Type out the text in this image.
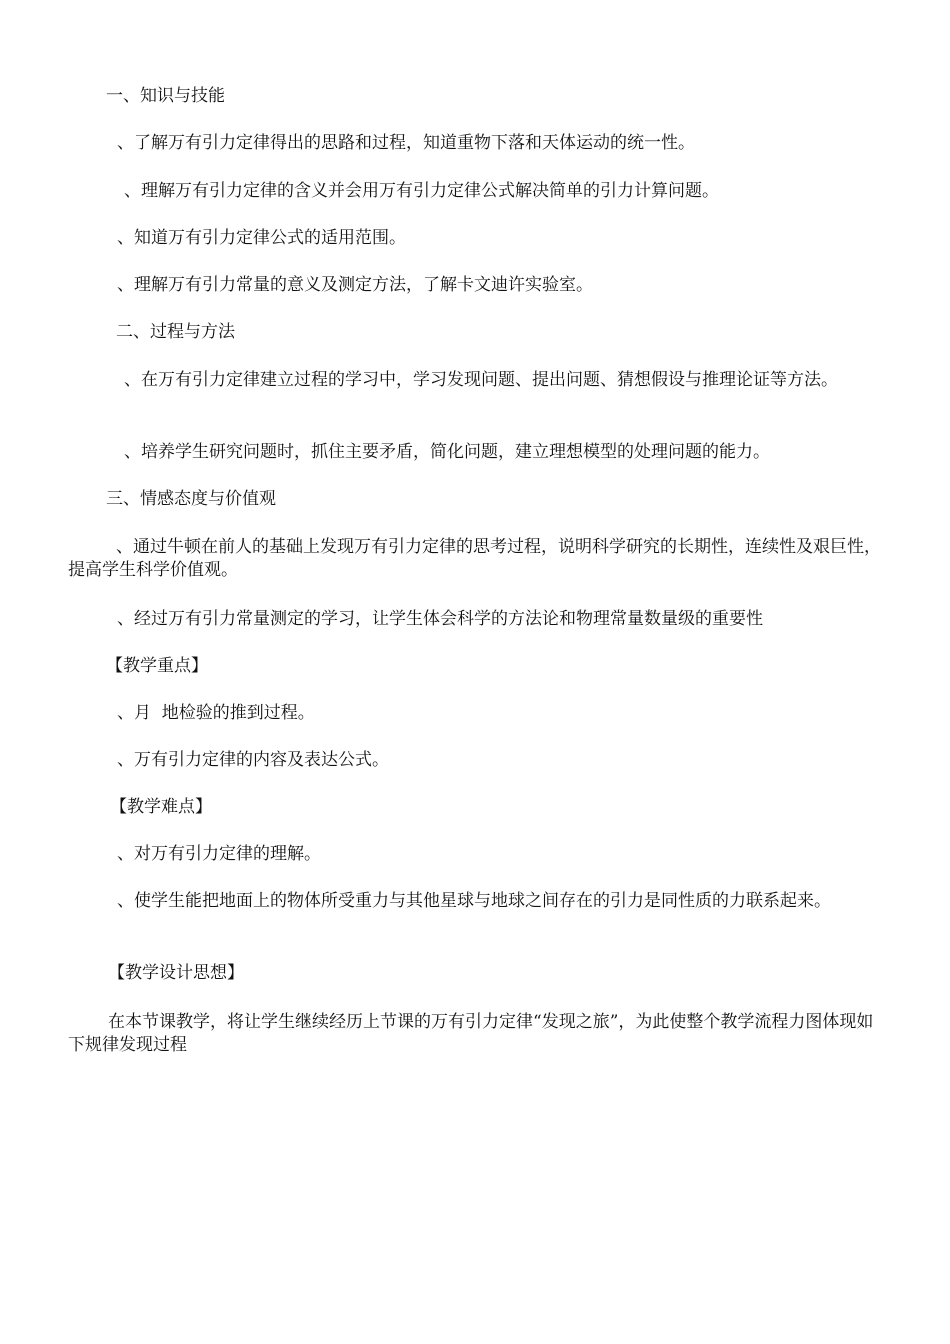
一、知识与技能
、了解万有引力定律得出的思路和过程，知道重物下落和天体运动的统一性。
、理解万有引力定律的含义并会用万有引力定律公式解决简单的引力计算问题。
、知道万有引力定律公式的适用范围。
、理解万有引力常量的意义及测定方法，了解卡文迪许实验室。
二、过程与方法
、在万有引力定律建立过程的学习中，学习发现问题、提出问题、猜想假设与推理论证等方法。
、培养学生研究问题时，抓住主要矛盾，简化问题，建立理想模型的处理问题的能力。
三、情感态度与价值观
、通过牛顿在前人的基础上发现万有引力定律的思考过程，说明科学研究的长期性，连续性及艰巨性，提高学生科学价值观。
、经过万有引力常量测定的学习，让学生体会科学的方法论和物理常量数量级的重要性
【教学重点】
、月  地检验的推到过程。
、万有引力定律的内容及表达公式。
【教学难点】
、对万有引力定律的理解。
、使学生能把地面上的物体所受重力与其他星球与地球之间存在的引力是同性质的力联系起来。
【教学设计思想】
在本节课教学，将让学生继续经历上节课的万有引力定律“发现之旅”，为此使整个教学流程力图体现如下规律发现过程
